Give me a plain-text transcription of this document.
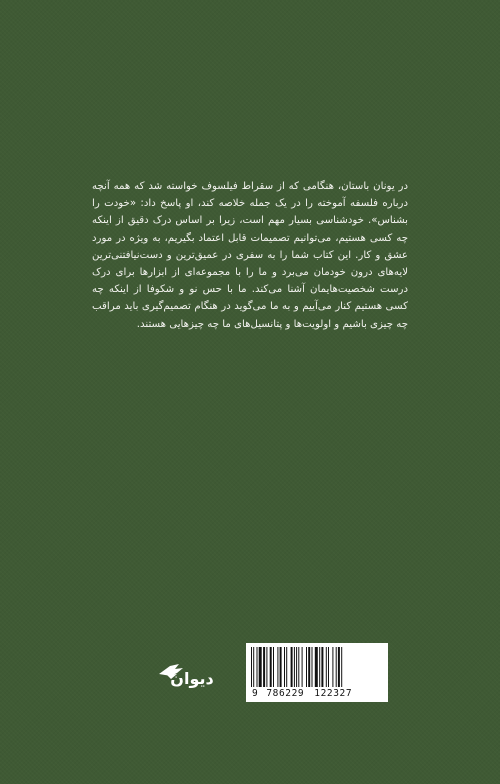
در یونان باستان، هنگامی که از سقراط فیلسوف خواسته شد که همه آنچه درباره فلسفه آموخته را در یک جمله خلاصه کند، او پاسخ داد: «خودت را بشناس». خودشناسی بسیار مهم است، زیرا بر اساس درک دقیق از اینکه چه کسی هستیم، می‌توانیم تصمیمات قابل اعتماد بگیریم، به ویژه در مورد عشق و کار. این کتاب شما را به سفری در عمیق‌ترین و دست‌نیافتنی‌ترین لایه‌های درون خودمان می‌برد و ما را با مجموعه‌ای از ابزارها برای درک درست شخصیت‌هایمان آشنا می‌کند. ما با حس نو و شکوفا از اینکه چه کسی هستیم کنار می‌آییم و به ما می‌گوید در هنگام تصمیم‌گیری باید مراقب چه چیزی باشیم و اولویت‌ها و پتانسیل‌های ما چه چیزهایی هستند.

دیوان
9 786229 122327
